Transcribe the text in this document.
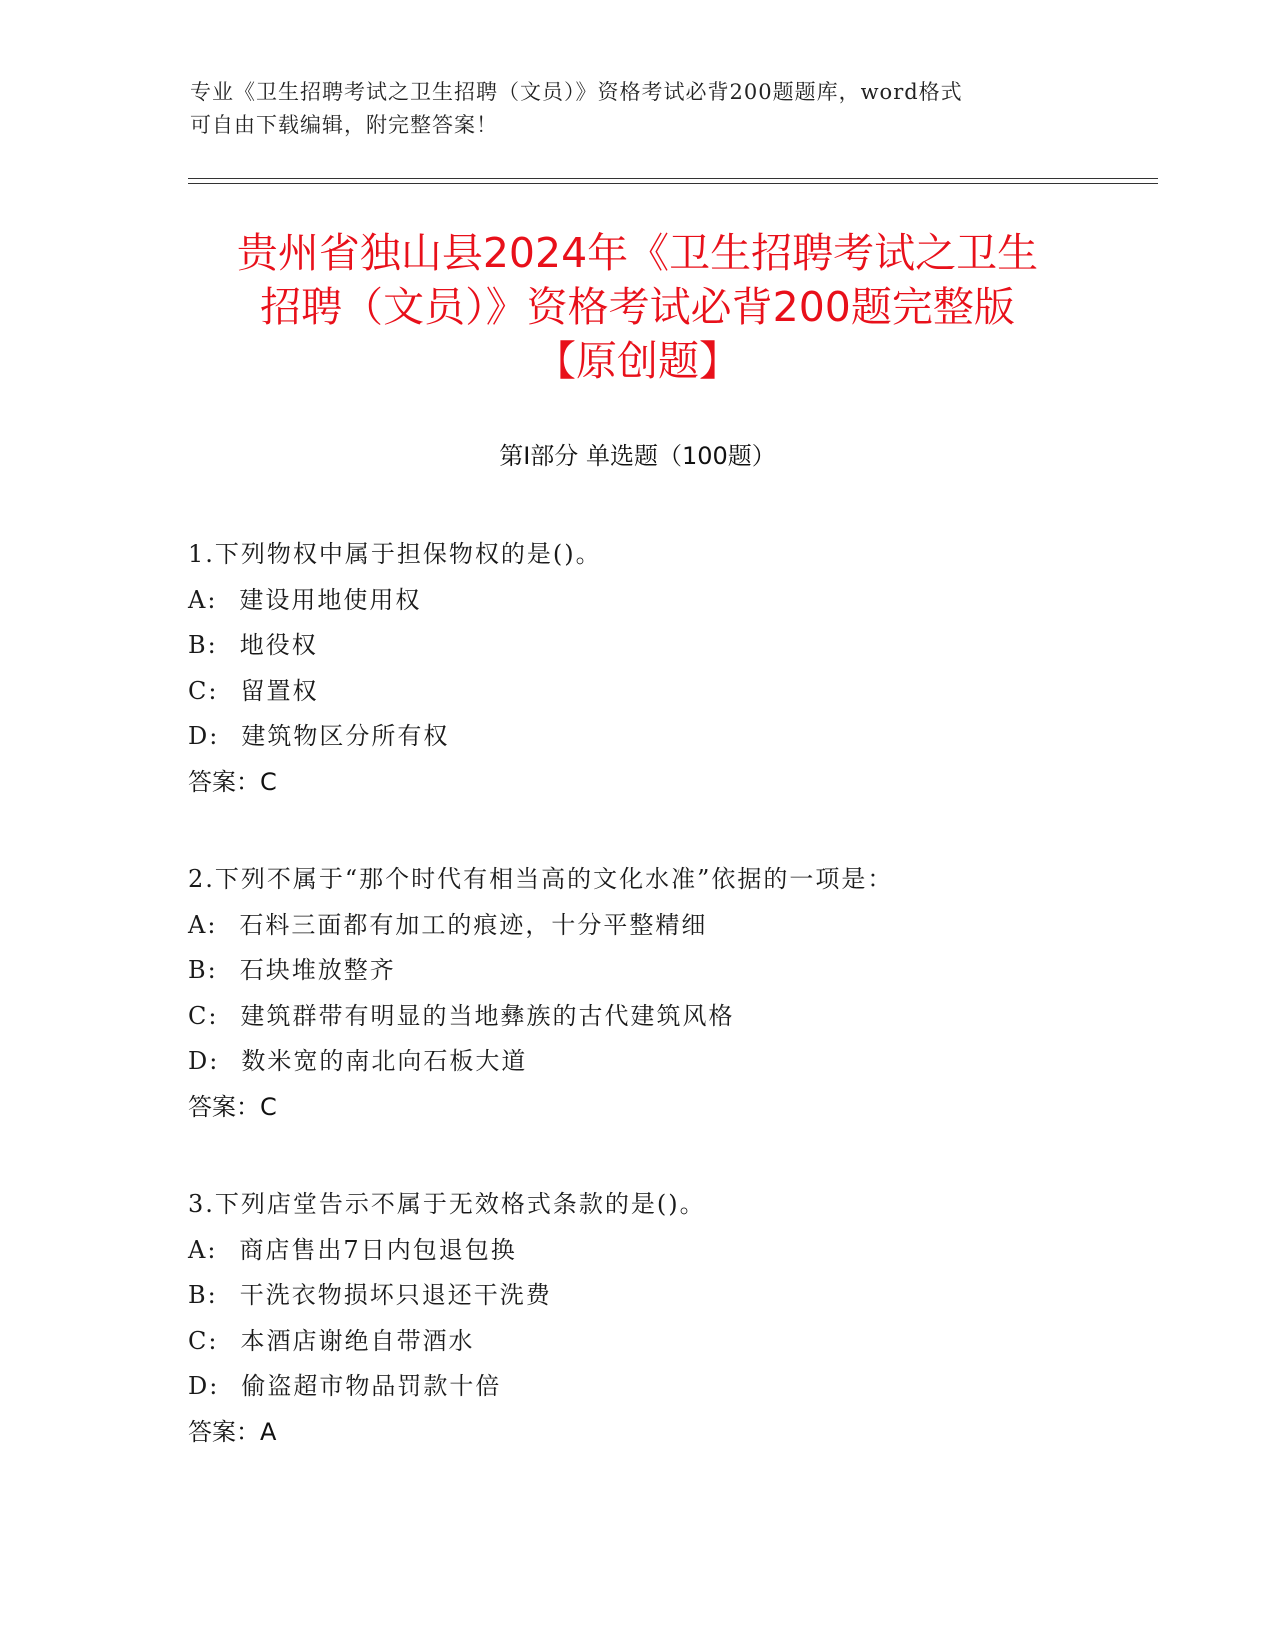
专业《卫生招聘考试之卫生招聘（文员）》资格考试必背200题题库，word格式
可自由下载编辑，附完整答案！
贵州省独山县2024年《卫生招聘考试之卫生
招聘（文员）》资格考试必背200题完整版
【原创题】
第Ⅰ部分 单选题（100题）
1.下列物权中属于担保物权的是()。
A: 建设用地使用权
B: 地役权
C: 留置权
D: 建筑物区分所有权
答案：C
2.下列不属于“那个时代有相当高的文化水准”依据的一项是：
A: 石料三面都有加工的痕迹，十分平整精细
B: 石块堆放整齐
C: 建筑群带有明显的当地彝族的古代建筑风格
D: 数米宽的南北向石板大道
答案：C
3.下列店堂告示不属于无效格式条款的是()。
A: 商店售出7日内包退包换
B: 干洗衣物损坏只退还干洗费
C: 本酒店谢绝自带酒水
D: 偷盗超市物品罚款十倍
答案：A
